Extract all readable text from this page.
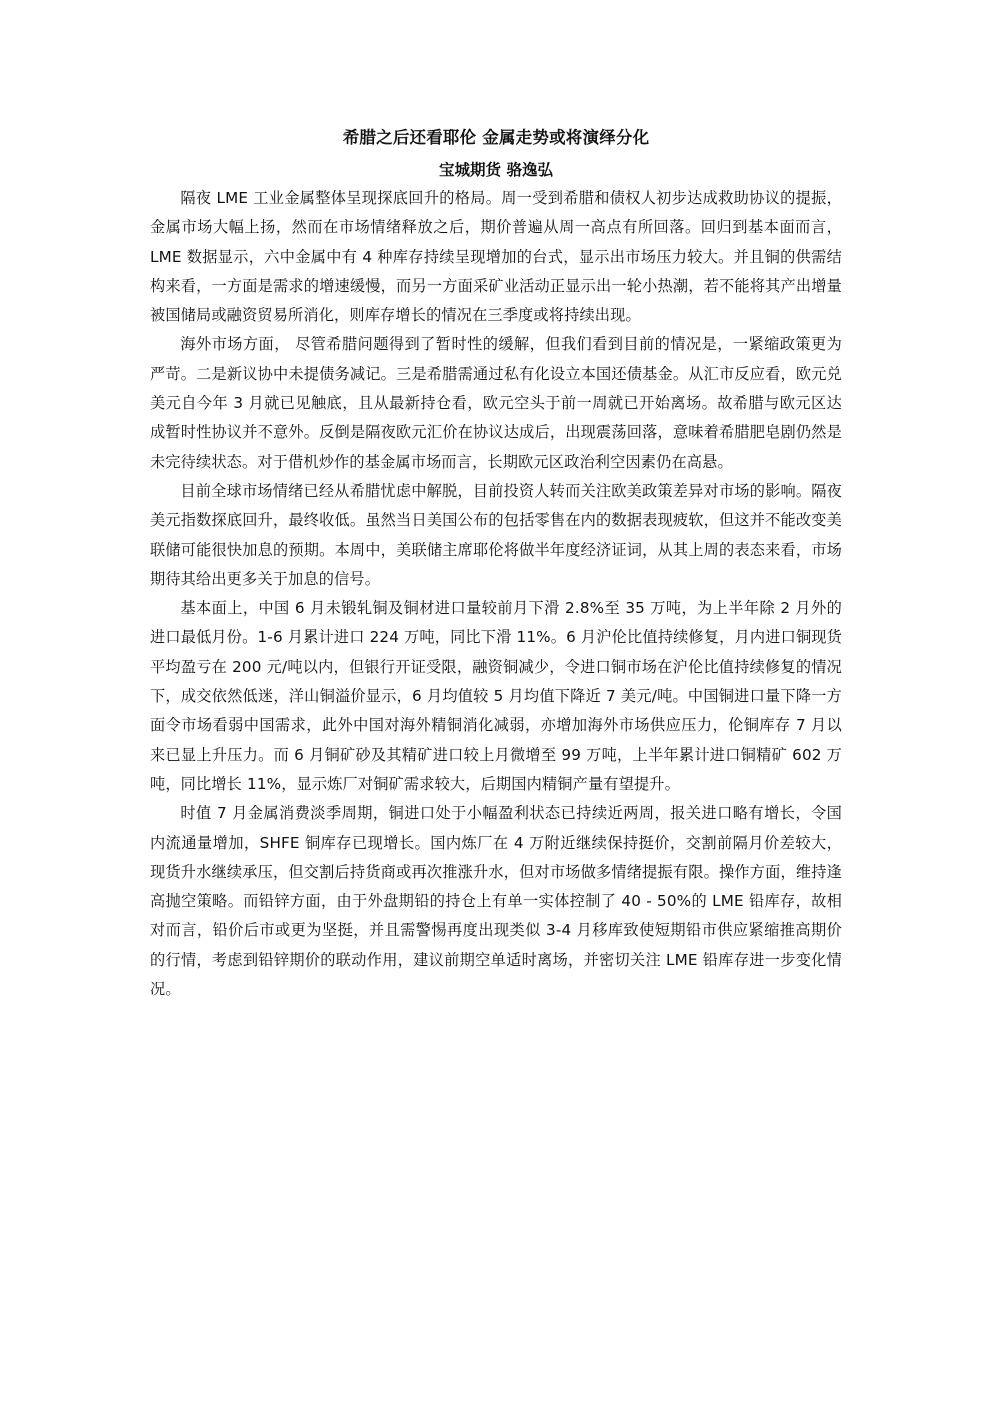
希腊之后还看耶伦 金属走势或将演绎分化
宝城期货 骆逸弘

隔夜 LME 工业金属整体呈现探底回升的格局。周一受到希腊和债权人初步达成救助协议的提振，金属市场大幅上扬，然而在市场情绪释放之后，期价普遍从周一高点有所回落。回归到基本面而言，LME 数据显示，六中金属中有 4 种库存持续呈现增加的台式，显示出市场压力较大。并且铜的供需结构来看，一方面是需求的增速缓慢，而另一方面采矿业活动正显示出一轮小热潮，若不能将其产出增量被国储局或融资贸易所消化，则库存增长的情况在三季度或将持续出现。

海外市场方面， 尽管希腊问题得到了暂时性的缓解，但我们看到目前的情况是，一紧缩政策更为严苛。二是新议协中未提债务减记。三是希腊需通过私有化设立本国还债基金。从汇市反应看，欧元兑美元自今年 3 月就已见触底，且从最新持仓看，欧元空头于前一周就已开始离场。故希腊与欧元区达成暂时性协议并不意外。反倒是隔夜欧元汇价在协议达成后，出现震荡回落，意味着希腊肥皂剧仍然是未完待续状态。对于借机炒作的基金属市场而言，长期欧元区政治利空因素仍在高悬。

目前全球市场情绪已经从希腊忧虑中解脱，目前投资人转而关注欧美政策差异对市场的影响。隔夜美元指数探底回升，最终收低。虽然当日美国公布的包括零售在内的数据表现疲软，但这并不能改变美联储可能很快加息的预期。本周中，美联储主席耶伦将做半年度经济证词，从其上周的表态来看，市场期待其给出更多关于加息的信号。

基本面上，中国 6 月未锻轧铜及铜材进口量较前月下滑 2.8%至 35 万吨，为上半年除 2 月外的进口最低月份。1-6 月累计进口 224 万吨，同比下滑 11%。6 月沪伦比值持续修复，月内进口铜现货平均盈亏在 200 元/吨以内，但银行开证受限，融资铜减少，令进口铜市场在沪伦比值持续修复的情况下，成交依然低迷，洋山铜溢价显示，6 月均值较 5 月均值下降近 7 美元/吨。中国铜进口量下降一方面令市场看弱中国需求，此外中国对海外精铜消化减弱，亦增加海外市场供应压力，伦铜库存 7 月以来已显上升压力。而 6 月铜矿砂及其精矿进口较上月微增至 99 万吨，上半年累计进口铜精矿 602 万吨，同比增长 11%，显示炼厂对铜矿需求较大，后期国内精铜产量有望提升。

时值 7 月金属消费淡季周期，铜进口处于小幅盈利状态已持续近两周，报关进口略有增长，令国内流通量增加，SHFE 铜库存已现增长。国内炼厂在 4 万附近继续保持挺价，交割前隔月价差较大，现货升水继续承压，但交割后持货商或再次推涨升水，但对市场做多情绪提振有限。操作方面，维持逢高抛空策略。而铅锌方面，由于外盘期铅的持仓上有单一实体控制了 40 - 50%的 LME 铅库存，故相对而言，铅价后市或更为坚挺，并且需警惕再度出现类似 3-4 月移库致使短期铅市供应紧缩推高期价的行情，考虑到铅锌期价的联动作用，建议前期空单适时离场，并密切关注 LME 铅库存进一步变化情况。
